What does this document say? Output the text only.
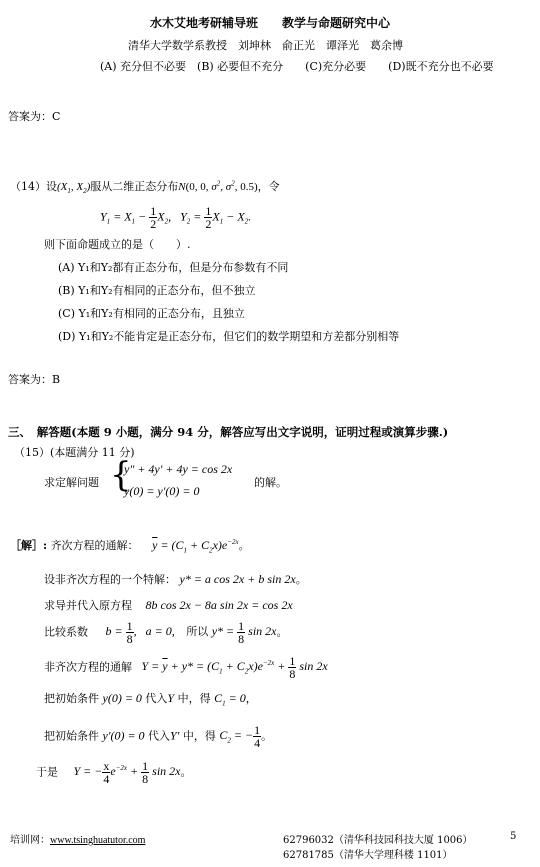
水木艾地考研辅导班　　教学与命题研究中心
清华大学数学系教授　刘坤林　俞正光　谭泽光　葛余博
(A) 充分但不必要　(B) 必要但不充分　　(C)充分必要　　(D)既不充分也不必要
答案为：C
（14）设($X_1$, $X_2$)服从二维正态分布N(0, 0, $\sigma^2$, $\sigma^2$, 0.5)，令
$Y_1 = X_1 - \frac{1}{2} X_2$,   $Y_2 = \frac{1}{2} X_1 - X_2$.
则下面命题成立的是（　　）.
(A) Y₁和Y₂都有正态分布，但是分布参数有不同
(B) Y₁和Y₂有相同的正态分布，但不独立
(C) Y₁和Y₂有相同的正态分布，且独立
(D) Y₁和Y₂不能肯定是正态分布，但它们的数学期望和方差都分别相等
答案为：B
三、　解答题(本题 9 小题，满分 94 分，解答应写出文字说明，证明过程或演算步骤.)
（15）(本题满分 11 分)
求定解问题 {
y″ + 4y′ + 4y = cos 2x
y(0) = y′(0) = 0
的解。
［解］: 齐次方程的通解： $\overline{y} = (C_1 + C_2x)e^{-2x}$。
设非齐次方程的一个特解： y* = a cos 2x + b sin 2x。
求导并代入原方程 8b cos 2x − 8a sin 2x = cos 2x
比较系数 $b = \frac{1}{8}$ ,   a = 0, 所以 $y* = \frac{1}{8}$ sin 2x。
非齐次方程的通解 $Y = \overline{y} + y* = (C_1 + C_2x)e^{-2x} + \frac{1}{8}$ sin 2x
把初始条件 y(0) = 0 代入Y 中，得 $C_1 = 0$，
把初始条件 y′(0) = 0 代入Y′ 中，得 $C_2$ = − $\frac{1}{4}$ 。
于是 Y = − $\frac{x}{4} e^{-2x} + \frac{1}{8}$ sin 2x。
培训网：www.tsinghuatutor.com	62796032（清华科技园科技大厦 1006）
62781785（清华大学理科楼 1101）
5
